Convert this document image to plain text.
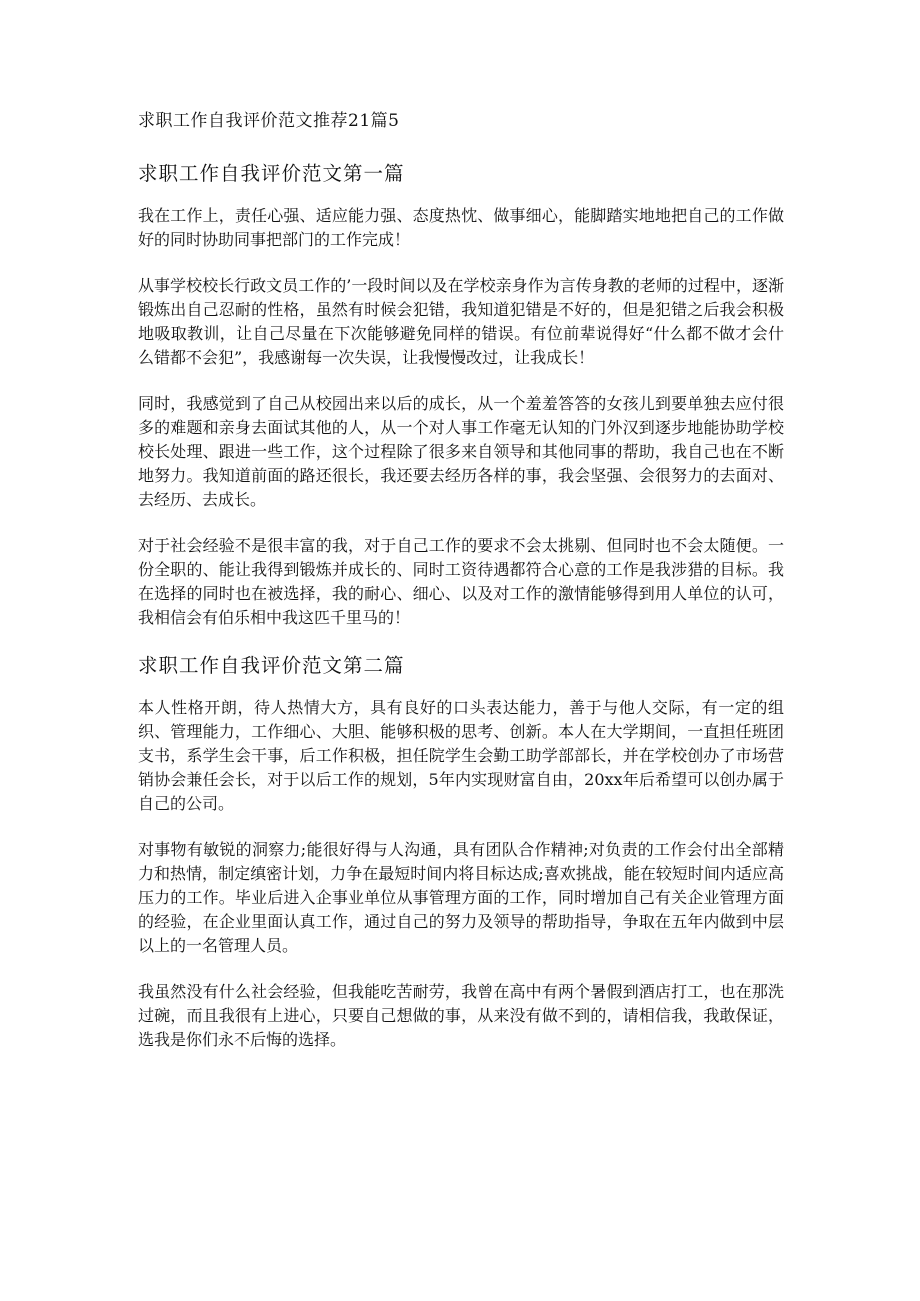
求职工作自我评价范文推荐21篇5
求职工作自我评价范文第一篇

我在工作上，责任心强、适应能力强、态度热忱、做事细心，能脚踏实地地把自己的工作做好的同时协助同事把部门的工作完成！

从事学校校长行政文员工作的’一段时间以及在学校亲身作为言传身教的老师的过程中，逐渐锻炼出自己忍耐的性格，虽然有时候会犯错，我知道犯错是不好的，但是犯错之后我会积极地吸取教训，让自己尽量在下次能够避免同样的错误。有位前辈说得好“什么都不做才会什么错都不会犯”，我感谢每一次失误，让我慢慢改过，让我成长！

同时，我感觉到了自己从校园出来以后的成长，从一个羞羞答答的女孩儿到要单独去应付很多的难题和亲身去面试其他的人，从一个对人事工作毫无认知的门外汉到逐步地能协助学校校长处理、跟进一些工作，这个过程除了很多来自领导和其他同事的帮助，我自己也在不断地努力。我知道前面的路还很长，我还要去经历各样的事，我会坚强、会很努力的去面对、去经历、去成长。

对于社会经验不是很丰富的我，对于自己工作的要求不会太挑剔、但同时也不会太随便。一份全职的、能让我得到锻炼并成长的、同时工资待遇都符合心意的工作是我涉猎的目标。我在选择的同时也在被选择，我的耐心、细心、以及对工作的激情能够得到用人单位的认可，我相信会有伯乐相中我这匹千里马的！

求职工作自我评价范文第二篇

本人性格开朗，待人热情大方，具有良好的口头表达能力，善于与他人交际，有一定的组织、管理能力，工作细心、大胆、能够积极的思考、创新。本人在大学期间，一直担任班团支书，系学生会干事，后工作积极，担任院学生会勤工助学部部长，并在学校创办了市场营销协会兼任会长，对于以后工作的规划，5年内实现财富自由，20xx年后希望可以创办属于自己的公司。

对事物有敏锐的洞察力;能很好得与人沟通，具有团队合作精神;对负责的工作会付出全部精力和热情，制定缜密计划，力争在最短时间内将目标达成;喜欢挑战，能在较短时间内适应高压力的工作。毕业后进入企事业单位从事管理方面的工作，同时增加自己有关企业管理方面的经验，在企业里面认真工作，通过自己的努力及领导的帮助指导，争取在五年内做到中层以上的一名管理人员。

我虽然没有什么社会经验，但我能吃苦耐劳，我曾在高中有两个暑假到酒店打工，也在那洗过碗，而且我很有上进心，只要自己想做的事，从来没有做不到的，请相信我，我敢保证，选我是你们永不后悔的选择。
